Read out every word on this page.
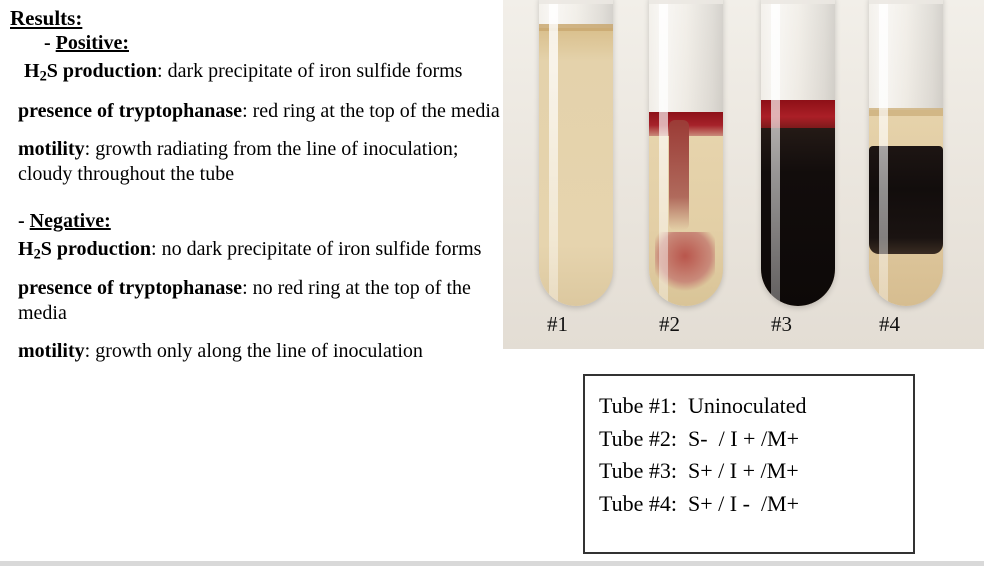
Results:
- Positive:
$H_2S$ production: dark precipitate of iron sulfide forms
presence of tryptophanase: red ring at the top of the media
motility: growth radiating from the line of inoculation; cloudy throughout the tube
- Negative:
$H_2S$ production: no dark precipitate of iron sulfide forms
presence of tryptophanase: no red ring at the top of the media
motility: growth only along the line of inoculation
#1	#2	#3	#4
Tube #1:  Uninoculated
Tube #2:  S-  / I + /M+
Tube #3:  S+ / I + /M+
Tube #4:  S+ / I -  /M+
